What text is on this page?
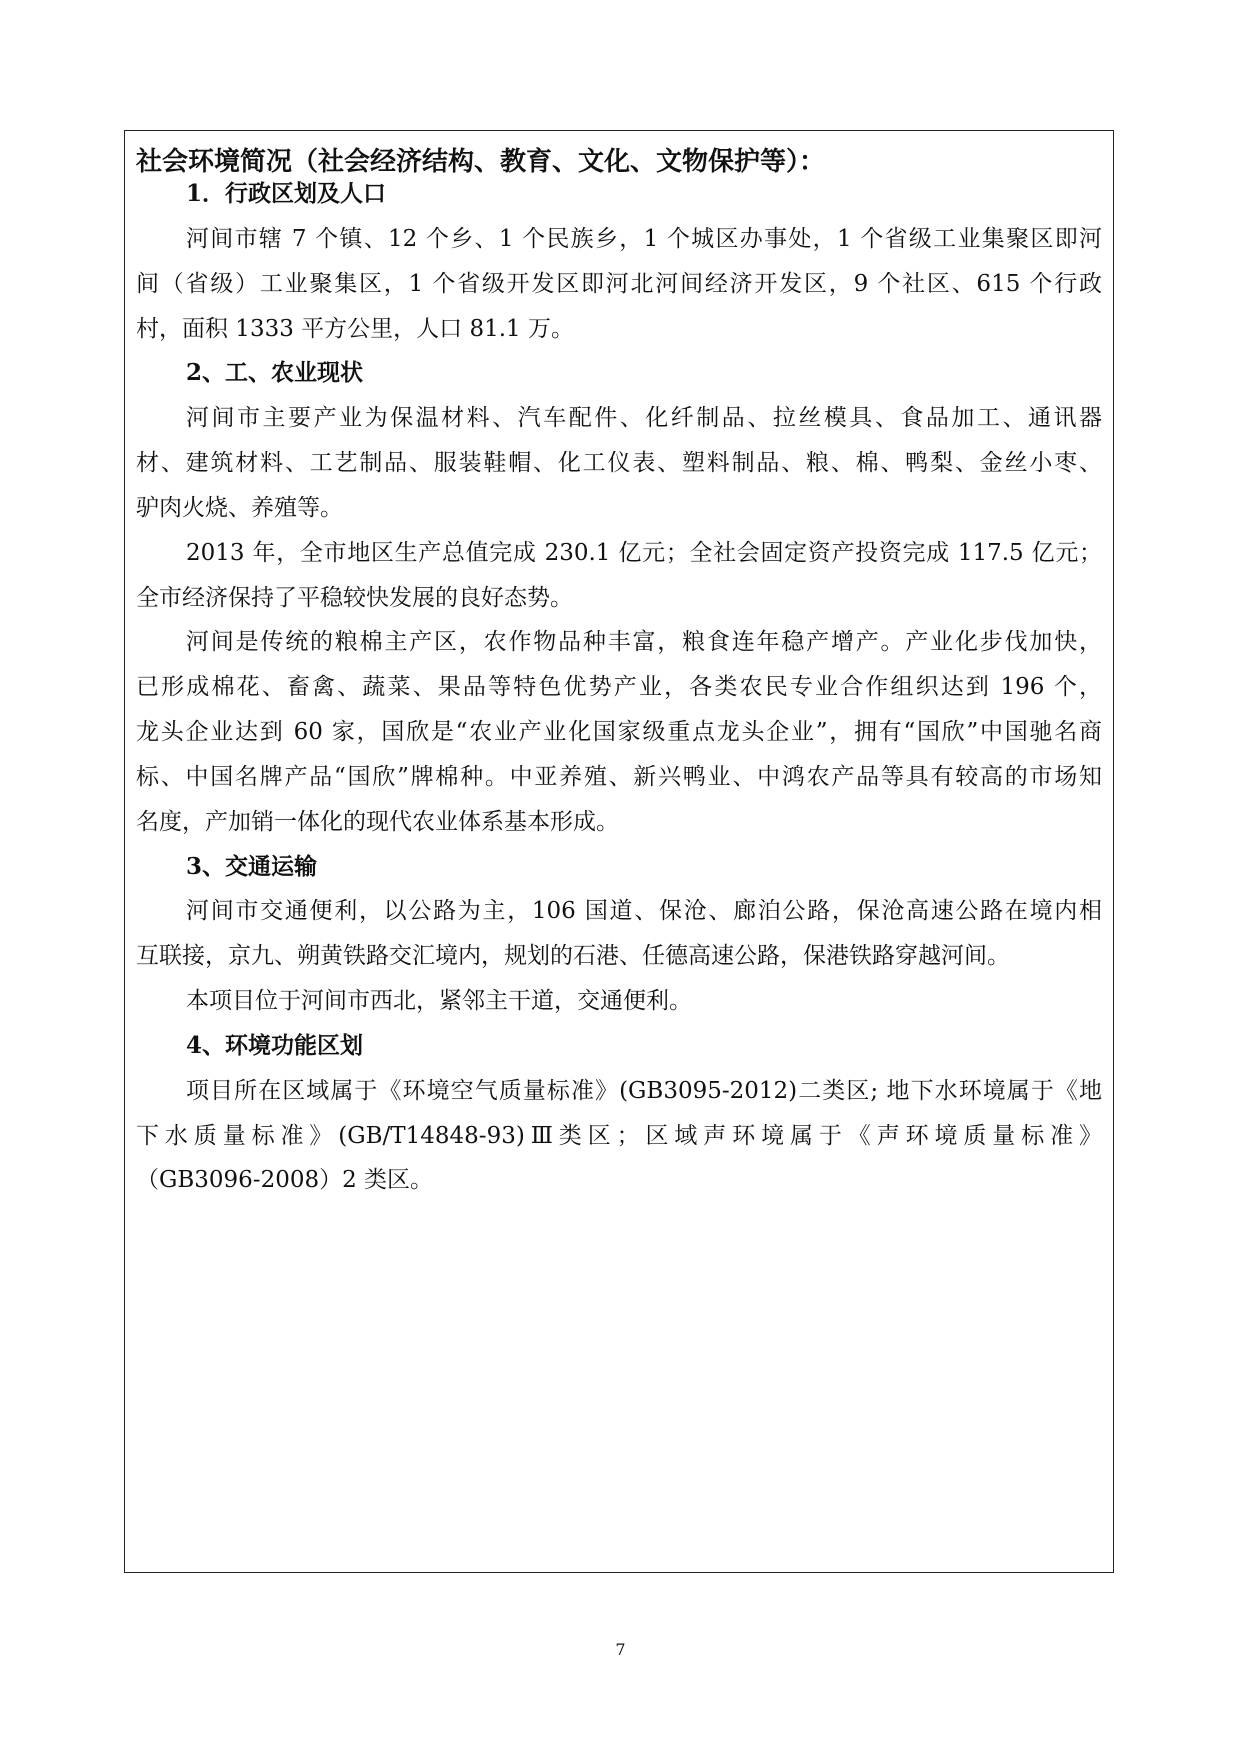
社会环境简况（社会经济结构、教育、文化、文物保护等）：
1．行政区划及人口
河间市辖 7 个镇、12 个乡、1 个民族乡，1 个城区办事处，1 个省级工业集聚区即河
间（省级）工业聚集区，1 个省级开发区即河北河间经济开发区，9 个社区、615 个行政
村，面积 1333 平方公里，人口 81.1 万。
2、工、农业现状
河间市主要产业为保温材料、汽车配件、化纤制品、拉丝模具、食品加工、通讯器
材、建筑材料、工艺制品、服装鞋帽、化工仪表、塑料制品、粮、棉、鸭梨、金丝小枣、
驴肉火烧、养殖等。
2013 年，全市地区生产总值完成 230.1 亿元；全社会固定资产投资完成 117.5 亿元；
全市经济保持了平稳较快发展的良好态势。
河间是传统的粮棉主产区，农作物品种丰富，粮食连年稳产增产。产业化步伐加快，
已形成棉花、畜禽、蔬菜、果品等特色优势产业，各类农民专业合作组织达到 196 个，
龙头企业达到 60 家，国欣是“农业产业化国家级重点龙头企业”，拥有“国欣”中国驰名商
标、中国名牌产品“国欣”牌棉种。中亚养殖、新兴鸭业、中鸿农产品等具有较高的市场知
名度，产加销一体化的现代农业体系基本形成。
3、交通运输
河间市交通便利，以公路为主，106 国道、保沧、廊泊公路，保沧高速公路在境内相
互联接，京九、朔黄铁路交汇境内，规划的石港、任德高速公路，保港铁路穿越河间。
本项目位于河间市西北，紧邻主干道，交通便利。
4、环境功能区划
项目所在区域属于《环境空气质量标准》(GB3095-2012)二类区; 地下水环境属于《地
下水质量标准》(GB/T14848-93)Ⅲ类区；区域声环境属于《声环境质量标准》
（GB3096-2008）2 类区。
7
